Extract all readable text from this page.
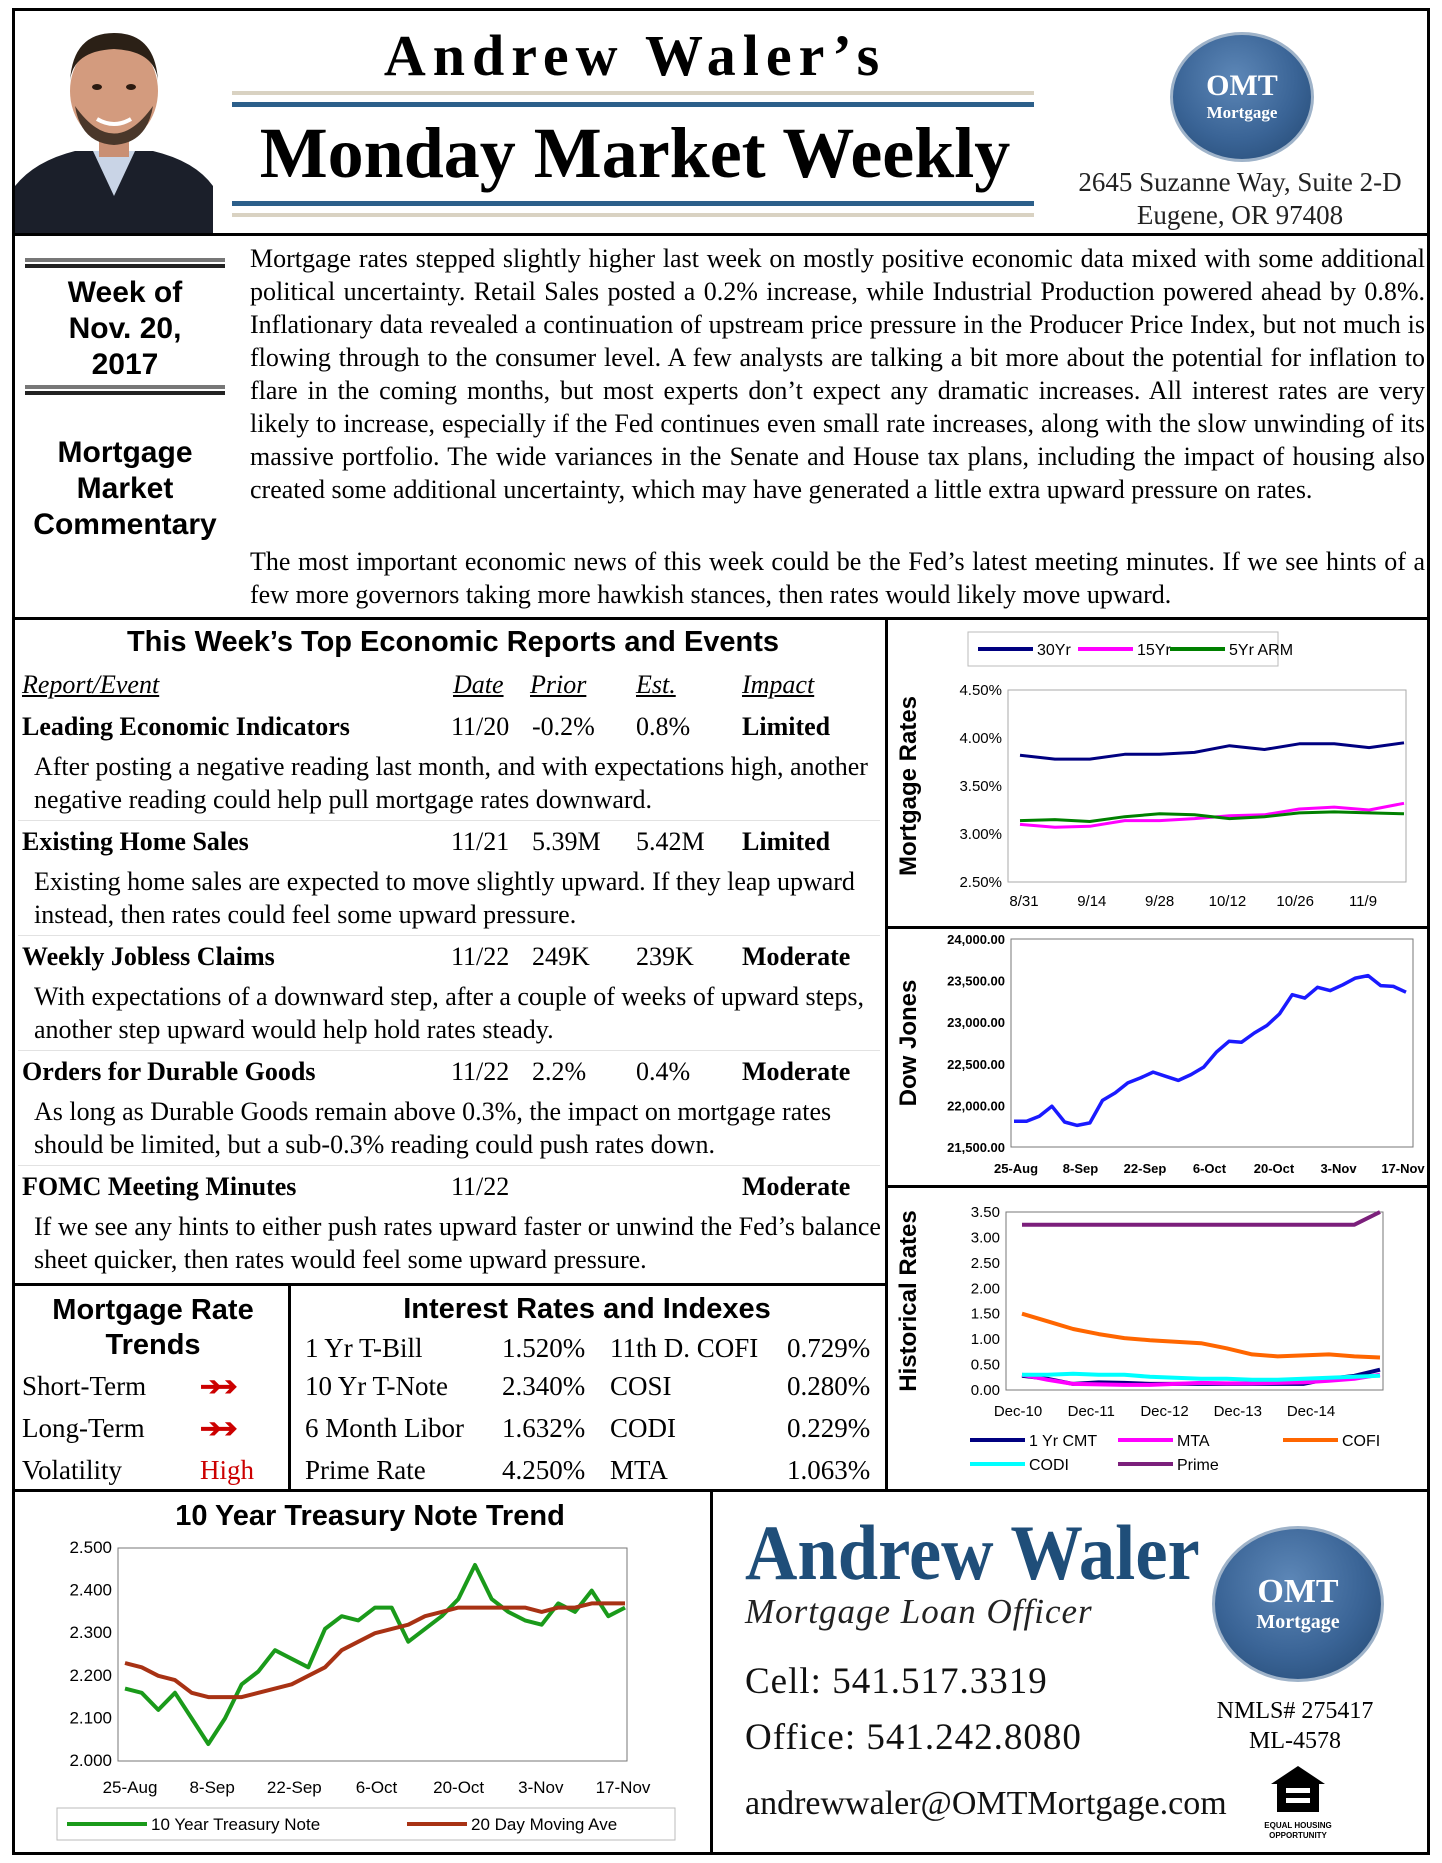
Andrew Waler’s
Monday Market Weekly
OMT
Mortgage
2645 Suzanne Way, Suite 2-D
Eugene, OR 97408
Week of
Nov. 20,
2017
Mortgage
Market
Commentary
Mortgage rates stepped slightly higher last week on mostly positive economic data mixed with some additional political uncertainty. Retail Sales posted a 0.2% increase, while Industrial Production powered ahead by 0.8%. Inflationary data revealed a continuation of upstream price pressure in the Producer Price Index, but not much is flowing through to the consumer level. A few analysts are talking a bit more about the potential for inflation to flare in the coming months, but most experts don’t expect any dramatic increases. All interest rates are very likely to increase, especially if the Fed continues even small rate increases, along with the slow unwinding of its massive portfolio. The wide variances in the Senate and House tax plans, including the impact of housing also created some additional uncertainty, which may have generated a little extra upward pressure on rates.
The most important economic news of this week could be the Fed’s latest meeting minutes. If we see hints of a few more governors taking more hawkish stances, then rates would likely move upward.
This Week’s Top Economic Reports and Events
Report/Event	Date Prior Est.	Impact
Leading Economic Indicators	11/20 -0.2% 0.8% Limited
After posting a negative reading last month, and with expectations high, another negative reading could help pull mortgage rates downward.
Existing Home Sales	11/21 5.39M 5.42M Limited
Existing home sales are expected to move slightly upward. If they leap upward instead, then rates could feel some upward pressure.
Weekly Jobless Claims	11/22 249K 239K Moderate
With expectations of a downward step, after a couple of weeks of upward steps, another step upward would help hold rates steady.
Orders for Durable Goods	11/22 2.2% 0.4% Moderate
As long as Durable Goods remain above 0.3%, the impact on mortgage rates should be limited, but a sub-0.3% reading could push rates down.
FOMC Meeting Minutes	11/22	Moderate
If we see any hints to either push rates upward faster or unwind the Fed’s balance sheet quicker, then rates would feel some upward pressure.
Mortgage Rate
Trends
Short-Term ➔➔
Long-Term ➔➔
Volatility	High
Interest Rates and Indexes
1 Yr T-Bill	1.520% 11th D. COFI 0.729%
10 Yr T-Note 2.340% COSI	0.280%
6 Month Libor 1.632% CODI	0.229%
Prime Rate	4.250% MTA	1.063%
30Yr	15Yr	5Yr ARM
4.50%
4.00%
3.50%
3.00%
2.50%
8/31	9/14	9/28 10/12 10/26 11/9
Mortgage Rates
24,000.00
23,500.00
23,000.00
22,500.00
22,000.00
21,500.00
25-Aug 8-Sep 22-Sep 6-Oct 20-Oct 3-Nov 17-Nov
Dow Jones
3.50
3.00
2.50
2.00
1.50
1.00
0.50
0.00
Dec-10 Dec-11 Dec-12 Dec-13 Dec-14
Historical Rates
1 Yr CMT	MTA	COFI
CODI	Prime
10 Year Treasury Note Trend
2.500
2.400
2.300
2.200
2.100
2.000
25-Aug 8-Sep 22-Sep 6-Oct 20-Oct 3-Nov 17-Nov
10 Year Treasury Note	20 Day Moving Ave
Andrew Waler
Mortgage Loan Officer
Cell: 541.517.3319
Office: 541.242.8080
andrewwaler@OMTMortgage.com
OMT
Mortgage
NMLS# 275417
ML-4578
EQUAL HOUSING
OPPORTUNITY
